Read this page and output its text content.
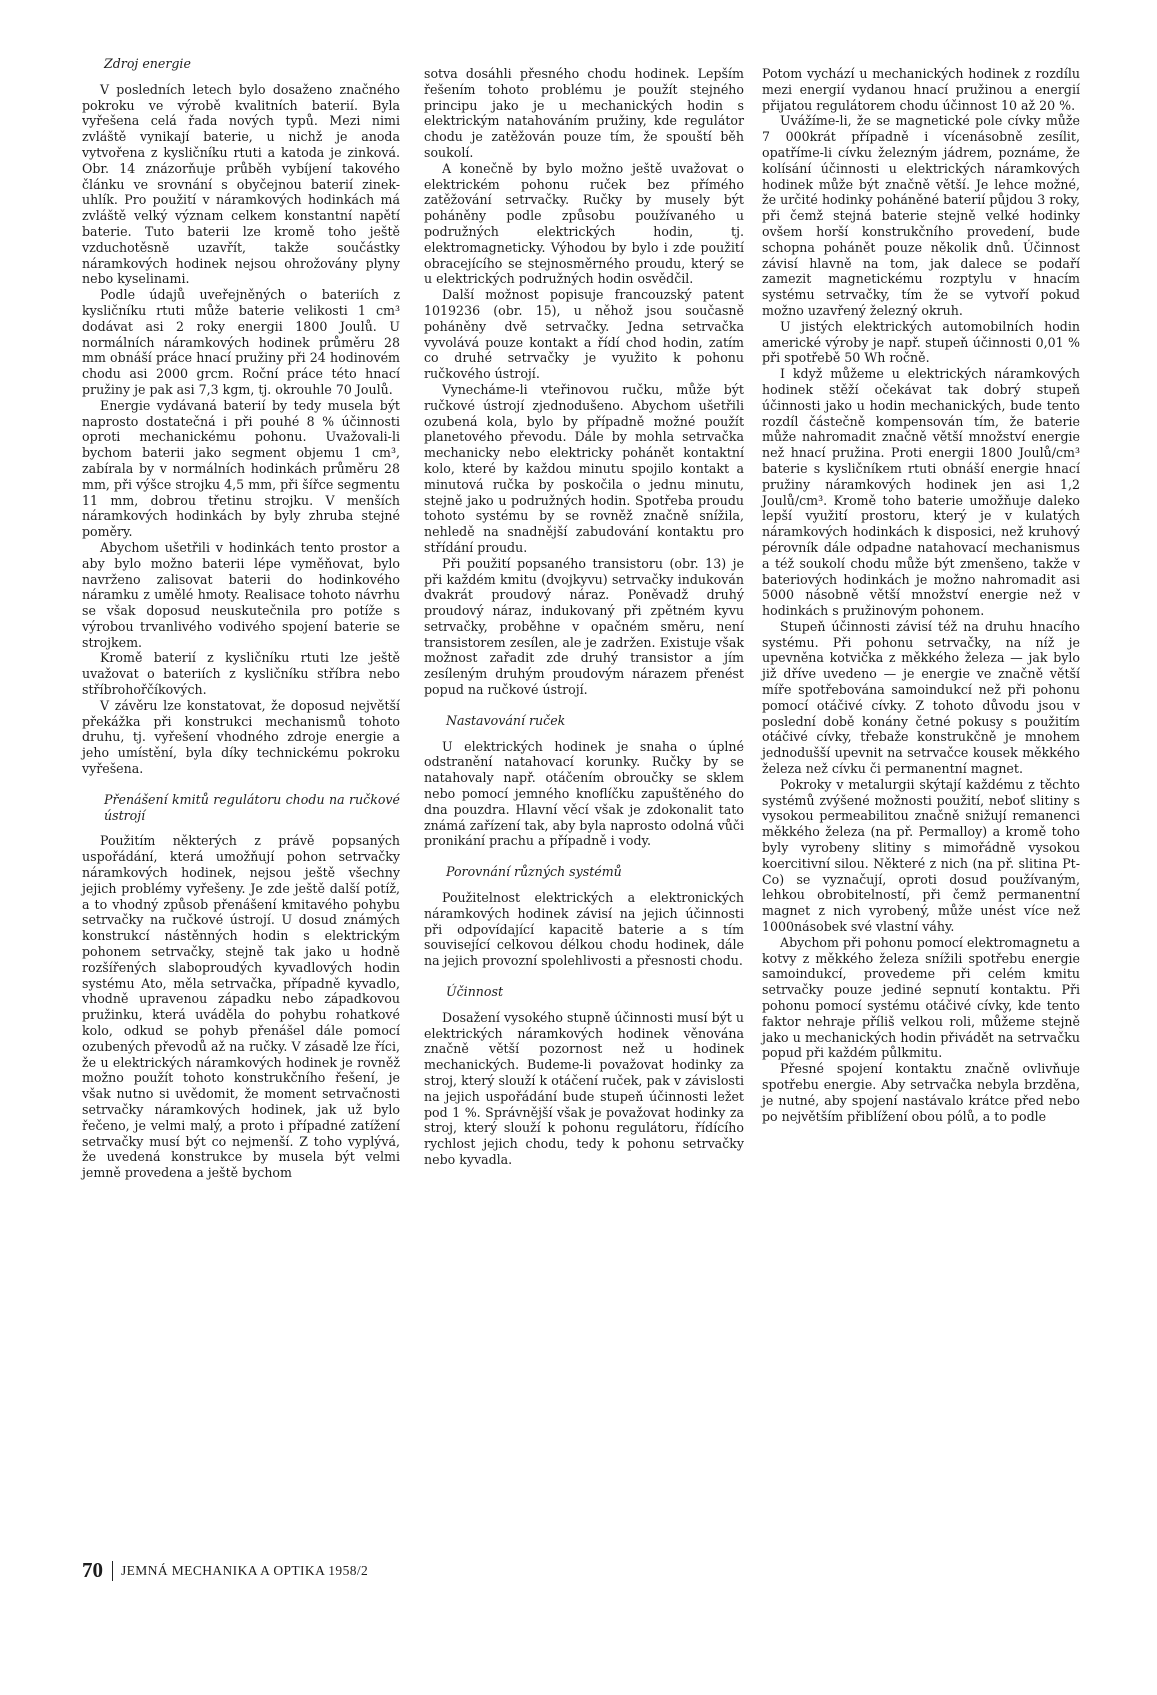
Zdroj energie

V posledních letech bylo dosaženo značného pokroku ve výrobě kvalitních baterií. Byla vyřešena celá řada nových typů. Mezi nimi zvláště vynikají baterie, u nichž je anoda vytvořena z kysličníku rtuti a katoda je zinková. Obr. 14 znázorňuje průběh vybíjení takového článku ve srovnání s obyčejnou baterií zinek-uhlík. Pro použití v náramkových hodinkách má zvláště velký význam celkem konstantní napětí baterie. Tuto baterii lze kromě toho ještě vzduchotěsně uzavřít, takže součástky náramkových hodinek nejsou ohrožovány plyny nebo kyselinami.

Podle údajů uveřejněných o bateriích z kysličníku rtuti může baterie velikosti 1 cm³ dodávat asi 2 roky energii 1800 Joulů. U normálních náramkových hodinek průměru 28 mm obnáší práce hnací pružiny při 24 hodinovém chodu asi 2000 grcm. Roční práce této hnací pružiny je pak asi 7,3 kgm, tj. okrouhle 70 Joulů.

Energie vydávaná baterií by tedy musela být naprosto dostatečná i při pouhé 8 % účinnosti oproti mechanickému pohonu. Uvažovali-li bychom baterii jako segment objemu 1 cm³, zabírala by v normálních hodinkách průměru 28 mm, při výšce strojku 4,5 mm, při šířce segmentu 11 mm, dobrou třetinu strojku. V menších náramkových hodinkách by byly zhruba stejné poměry.

Abychom ušetřili v hodinkách tento prostor a aby bylo možno baterii lépe vyměňovat, bylo navrženo zalisovat baterii do hodinkového náramku z umělé hmoty. Realisace tohoto návrhu se však doposud neuskutečnila pro potíže s výrobou trvanlivého vodivého spojení baterie se strojkem.

Kromě baterií z kysličníku rtuti lze ještě uvažovat o bateriích z kysličníku stříbra nebo stříbrohořčíkových.

V závěru lze konstatovat, že doposud největší překážka při konstrukci mechanismů tohoto druhu, tj. vyřešení vhodného zdroje energie a jeho umístění, byla díky technickému pokroku vyřešena.

Přenášení kmitů regulátoru chodu na ručkové ústrojí

Použitím některých z právě popsaných uspořádání, která umožňují pohon setrvačky náramkových hodinek, nejsou ještě všechny jejich problémy vyřešeny. Je zde ještě další potíž, a to vhodný způsob přenášení kmitavého pohybu setrvačky na ručkové ústrojí. U dosud známých konstrukcí nástěnných hodin s elektrickým pohonem setrvačky, stejně tak jako u hodně rozšířených slaboproudých kyvadlových hodin systému Ato, měla setrvačka, případně kyvadlo, vhodně upravenou západku nebo západkovou pružinku, která uváděla do pohybu rohatkové kolo, odkud se pohyb přenášel dále pomocí ozubených převodů až na ručky. V zásadě lze říci, že u elektrických náramkových hodinek je rovněž možno použít tohoto konstrukčního řešení, je však nutno si uvědomit, že moment setrvačnosti setrvačky náramkových hodinek, jak už bylo řečeno, je velmi malý, a proto i případné zatížení setrvačky musí být co nejmenší. Z toho vyplývá, že uvedená konstrukce by musela být velmi jemně provedena a ještě bychom

sotva dosáhli přesného chodu hodinek. Lepším řešením tohoto problému je použít stejného principu jako je u mechanických hodin s elektrickým natahováním pružiny, kde regulátor chodu je zatěžován pouze tím, že spouští běh soukolí.

A konečně by bylo možno ještě uvažovat o elektrickém pohonu ruček bez přímého zatěžování setrvačky. Ručky by musely být poháněny podle způsobu používaného u podružných elektrických hodin, tj. elektromagneticky. Výhodou by bylo i zde použití obracejícího se stejnosměrného proudu, který se u elektrických podružných hodin osvědčil.

Další možnost popisuje francouzský patent 1019236 (obr. 15), u něhož jsou současně poháněny dvě setrvačky. Jedna setrvačka vyvolává pouze kontakt a řídí chod hodin, zatím co druhé setrvačky je využito k pohonu ručkového ústrojí.

Vynecháme-li vteřinovou ručku, může být ručkové ústrojí zjednodušeno. Abychom ušetřili ozubená kola, bylo by případně možné použít planetového převodu. Dále by mohla setrvačka mechanicky nebo elektricky pohánět kontaktní kolo, které by každou minutu spojilo kontakt a minutová ručka by poskočila o jednu minutu, stejně jako u podružných hodin. Spotřeba proudu tohoto systému by se rovněž značně snížila, nehledě na snadnější zabudování kontaktu pro střídání proudu.

Při použití popsaného transistoru (obr. 13) je při každém kmitu (dvojkyvu) setrvačky indukován dvakrát proudový náraz. Poněvadž druhý proudový náraz, indukovaný při zpětném kyvu setrvačky, proběhne v opačném směru, není transistorem zesílen, ale je zadržen. Existuje však možnost zařadit zde druhý transistor a jím zesíleným druhým proudovým nárazem přenést popud na ručkové ústrojí.

Nastavování ruček

U elektrických hodinek je snaha o úplné odstranění natahovací korunky. Ručky by se natahovaly např. otáčením obroučky se sklem nebo pomocí jemného knoflíčku zapuštěného do dna pouzdra. Hlavní věcí však je zdokonalit tato známá zařízení tak, aby byla naprosto odolná vůči pronikání prachu a případně i vody.

Porovnání různých systémů

Použitelnost elektrických a elektronických náramkových hodinek závisí na jejich účinnosti při odpovídající kapacitě baterie a s tím související celkovou délkou chodu hodinek, dále na jejich provozní spolehlivosti a přesnosti chodu.

Účinnost

Dosažení vysokého stupně účinnosti musí být u elektrických náramkových hodinek věnována značně větší pozornost než u hodinek mechanických. Budeme-li považovat hodinky za stroj, který slouží k otáčení ruček, pak v závislosti na jejich uspořádání bude stupeň účinnosti ležet pod 1 %. Správnější však je považovat hodinky za stroj, který slouží k pohonu regulátoru, řídícího rychlost jejich chodu, tedy k pohonu setrvačky nebo kyvadla.

Potom vychází u mechanických hodinek z rozdílu mezi energií vydanou hnací pružinou a energií přijatou regulátorem chodu účinnost 10 až 20 %.

Uvážíme-li, že se magnetické pole cívky může 7 000krát případně i vícenásobně zesílit, opatříme-li cívku železným jádrem, poznáme, že kolísání účinnosti u elektrických náramkových hodinek může být značně větší. Je lehce možné, že určité hodinky poháněné baterií půjdou 3 roky, při čemž stejná baterie stejně velké hodinky ovšem horší konstrukčního provedení, bude schopna pohánět pouze několik dnů. Účinnost závisí hlavně na tom, jak dalece se podaří zamezit magnetickému rozptylu v hnacím systému setrvačky, tím že se vytvoří pokud možno uzavřený železný okruh.

U jistých elektrických automobilních hodin americké výroby je např. stupeň účinnosti 0,01 % při spotřebě 50 Wh ročně.

I když můžeme u elektrických náramkových hodinek stěží očekávat tak dobrý stupeň účinnosti jako u hodin mechanických, bude tento rozdíl částečně kompensován tím, že baterie může nahromadit značně větší množství energie než hnací pružina. Proti energii 1800 Joulů/cm³ baterie s kysličníkem rtuti obnáší energie hnací pružiny náramkových hodinek jen asi 1,2 Joulů/cm³. Kromě toho baterie umožňuje daleko lepší využití prostoru, který je v kulatých náramkových hodinkách k disposici, než kruhový pérovník dále odpadne natahovací mechanismus a též soukolí chodu může být zmenšeno, takže v bateriových hodinkách je možno nahromadit asi 5000 násobně větší množství energie než v hodinkách s pružinovým pohonem.

Stupeň účinnosti závisí též na druhu hnacího systému. Při pohonu setrvačky, na níž je upevněna kotvička z měkkého železa — jak bylo již dříve uvedeno — je energie ve značně větší míře spotřebována samoindukcí než při pohonu pomocí otáčivé cívky. Z tohoto důvodu jsou v poslední době konány četné pokusy s použitím otáčivé cívky, třebaže konstrukčně je mnohem jednodušší upevnit na setrvačce kousek měkkého železa než cívku či permanentní magnet.

Pokroky v metalurgii skýtají každému z těchto systémů zvýšené možnosti použití, neboť slitiny s vysokou permeabilitou značně snižují remanenci měkkého železa (na př. Permalloy) a kromě toho byly vyrobeny slitiny s mimořádně vysokou koercitivní silou. Některé z nich (na př. slitina Pt-Co) se vyznačují, oproti dosud používaným, lehkou obrobitelností, při čemž permanentní magnet z nich vyrobený, může unést více než 1000násobek své vlastní váhy.

Abychom při pohonu pomocí elektromagnetu a kotvy z měkkého železa snížili spotřebu energie samoindukcí, provedeme při celém kmitu setrvačky pouze jediné sepnutí kontaktu. Při pohonu pomocí systému otáčivé cívky, kde tento faktor nehraje příliš velkou roli, můžeme stejně jako u mechanických hodin přivádět na setrvačku popud při každém půlkmitu.

Přesné spojení kontaktu značně ovlivňuje spotřebu energie. Aby setrvačka nebyla brzděna, je nutné, aby spojení nastávalo krátce před nebo po největším přiblížení obou pólů, a to podle

70 JEMNÁ MECHANIKA A OPTIKA 1958/2
